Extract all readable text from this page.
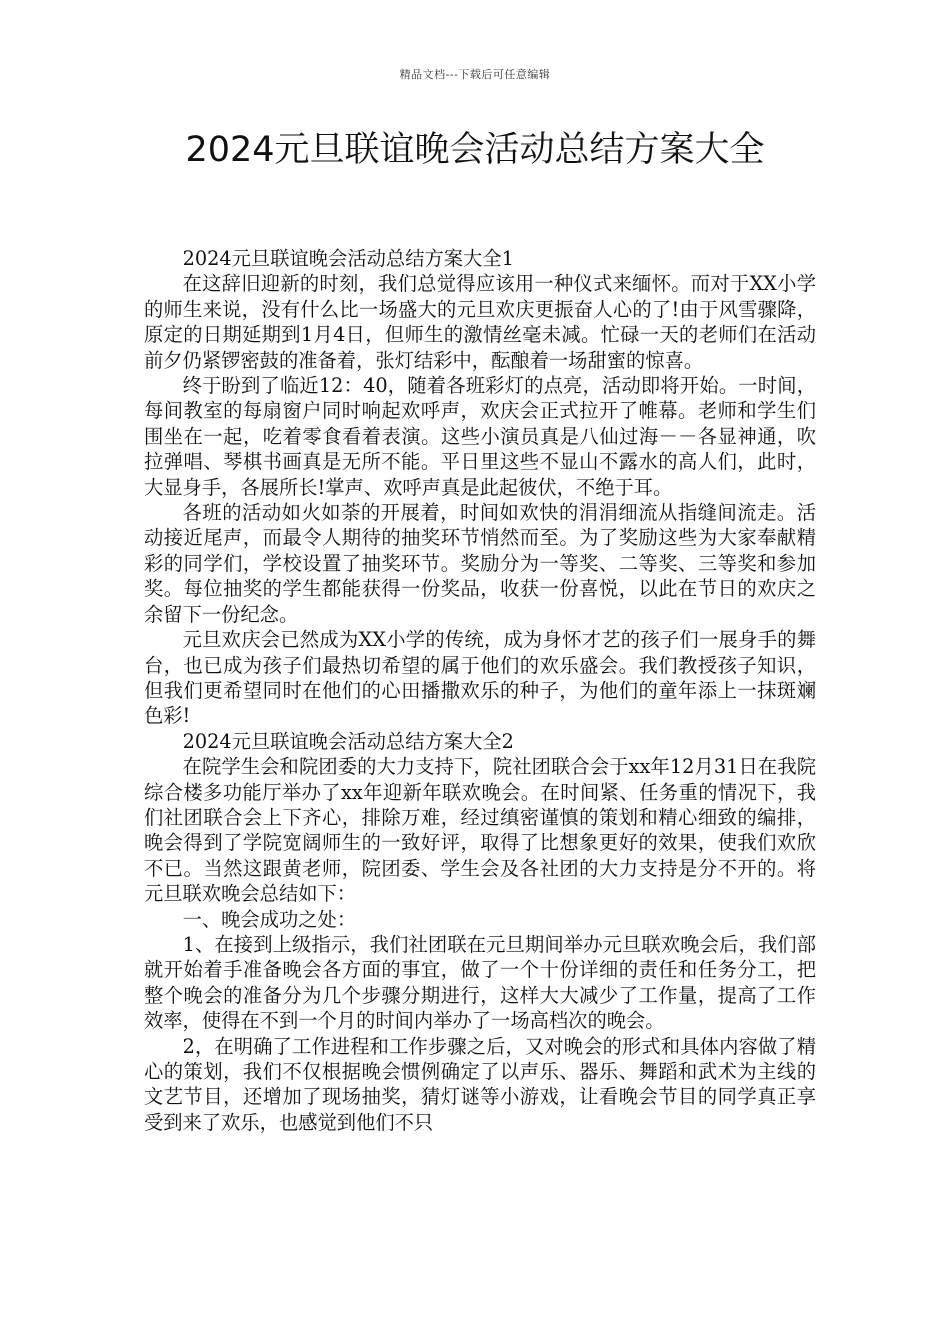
精品文档---下载后可任意编辑
2024元旦联谊晚会活动总结方案大全

2024元旦联谊晚会活动总结方案大全1

在这辞旧迎新的时刻，我们总觉得应该用一种仪式来缅怀。而对于XX小学的师生来说，没有什么比一场盛大的元旦欢庆更振奋人心的了!由于风雪骤降，原定的日期延期到1月4日，但师生的激情丝毫未减。忙碌一天的老师们在活动前夕仍紧锣密鼓的准备着，张灯结彩中，酝酿着一场甜蜜的惊喜。

终于盼到了临近12：40，随着各班彩灯的点亮，活动即将开始。一时间，每间教室的每扇窗户同时响起欢呼声，欢庆会正式拉开了帷幕。老师和学生们围坐在一起，吃着零食看着表演。这些小演员真是八仙过海－－各显神通，吹拉弹唱、琴棋书画真是无所不能。平日里这些不显山不露水的高人们，此时，大显身手，各展所长!掌声、欢呼声真是此起彼伏，不绝于耳。

各班的活动如火如荼的开展着，时间如欢快的涓涓细流从指缝间流走。活动接近尾声，而最令人期待的抽奖环节悄然而至。为了奖励这些为大家奉献精彩的同学们，学校设置了抽奖环节。奖励分为一等奖、二等奖、三等奖和参加奖。每位抽奖的学生都能获得一份奖品，收获一份喜悦，以此在节日的欢庆之余留下一份纪念。

元旦欢庆会已然成为XX小学的传统，成为身怀才艺的孩子们一展身手的舞台，也已成为孩子们最热切希望的属于他们的欢乐盛会。我们教授孩子知识，但我们更希望同时在他们的心田播撒欢乐的种子，为他们的童年添上一抹斑斓色彩!

2024元旦联谊晚会活动总结方案大全2

在院学生会和院团委的大力支持下，院社团联合会于xx年12月31日在我院综合楼多功能厅举办了xx年迎新年联欢晚会。在时间紧、任务重的情况下，我们社团联合会上下齐心，排除万难，经过缜密谨慎的策划和精心细致的编排，晚会得到了学院宽阔师生的一致好评，取得了比想象更好的效果，使我们欢欣不已。当然这跟黄老师，院团委、学生会及各社团的大力支持是分不开的。将元旦联欢晚会总结如下：

一、晚会成功之处：

1、在接到上级指示，我们社团联在元旦期间举办元旦联欢晚会后，我们部就开始着手准备晚会各方面的事宜，做了一个十份详细的责任和任务分工，把整个晚会的准备分为几个步骤分期进行，这样大大减少了工作量，提高了工作效率，使得在不到一个月的时间内举办了一场高档次的晚会。

2，在明确了工作进程和工作步骤之后，又对晚会的形式和具体内容做了精心的策划，我们不仅根据晚会惯例确定了以声乐、器乐、舞蹈和武术为主线的文艺节目，还增加了现场抽奖，猜灯谜等小游戏，让看晚会节目的同学真正享受到来了欢乐，也感觉到他们不只
